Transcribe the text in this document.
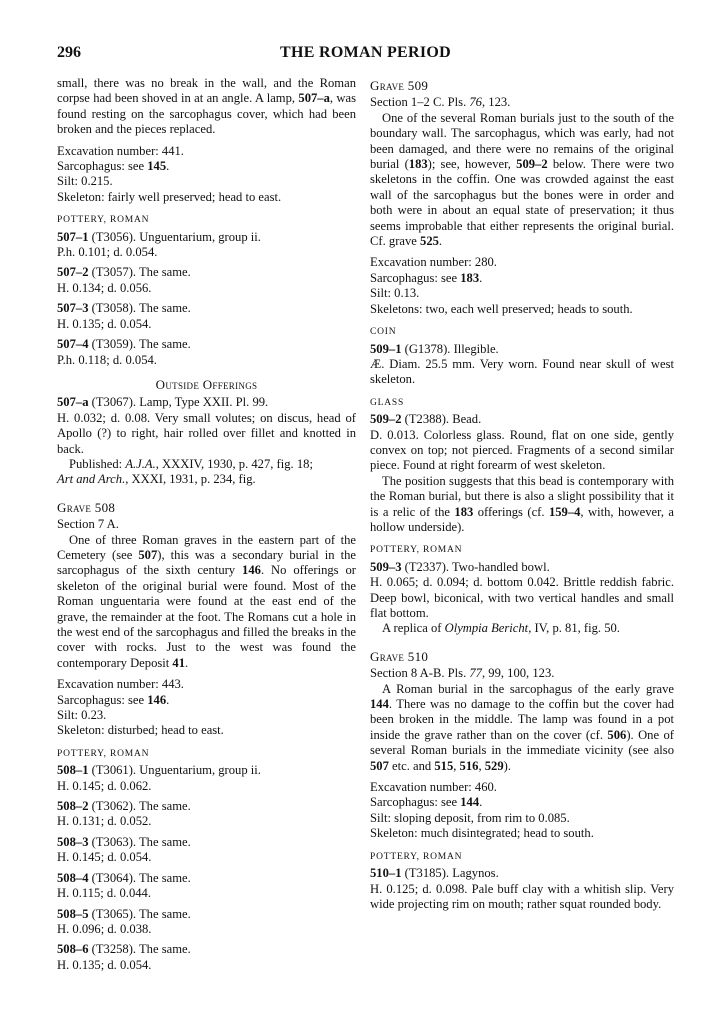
296	THE ROMAN PERIOD

small, there was no break in the wall, and the Roman corpse had been shoved in at an angle. A lamp, 507–a, was found resting on the sarcophagus cover, which had been broken and the pieces replaced.

Excavation number: 441.

Sarcophagus: see 145.

Silt: 0.215.

Skeleton: fairly well preserved; head to east.

POTTERY, ROMAN

507–1 (T3056). Unguentarium, group ii.

P.h. 0.101; d. 0.054.

507–2 (T3057). The same.

H. 0.134; d. 0.056.

507–3 (T3058). The same.

H. 0.135; d. 0.054.

507–4 (T3059). The same.

P.h. 0.118; d. 0.054.

Outside Offerings

507–a (T3067). Lamp, Type XXII. Pl. 99.

H. 0.032; d. 0.08. Very small volutes; on discus, head of Apollo (?) to right, hair rolled over fillet and knotted in back.

Published: A.J.A., XXXIV, 1930, p. 427, fig. 18;
Art and Arch., XXXI, 1931, p. 234, fig.

Grave 508

Section 7 A.

One of three Roman graves in the eastern part of the Cemetery (see 507), this was a secondary burial in the sarcophagus of the sixth century 146. No offerings or skeleton of the original burial were found. Most of the Roman unguentaria were found at the east end of the grave, the remainder at the foot. The Romans cut a hole in the west end of the sarcophagus and filled the breaks in the cover with rocks. Just to the west was found the contemporary Deposit 41.

Excavation number: 443.

Sarcophagus: see 146.

Silt: 0.23.

Skeleton: disturbed; head to east.

POTTERY, ROMAN

508–1 (T3061). Unguentarium, group ii.

H. 0.145; d. 0.062.

508–2 (T3062). The same.

H. 0.131; d. 0.052.

508–3 (T3063). The same.

H. 0.145; d. 0.054.

508–4 (T3064). The same.

H. 0.115; d. 0.044.

508–5 (T3065). The same.

H. 0.096; d. 0.038.

508–6 (T3258). The same.

H. 0.135; d. 0.054.

Grave 509

Section 1–2 C. Pls. 76, 123.

One of the several Roman burials just to the south of the boundary wall. The sarcophagus, which was early, had not been damaged, and there were no remains of the original burial (183); see, however, 509–2 below. There were two skeletons in the coffin. One was crowded against the east wall of the sarcophagus but the bones were in order and both were in about an equal state of preservation; it thus seems improbable that either represents the original burial. Cf. grave 525.

Excavation number: 280.

Sarcophagus: see 183.

Silt: 0.13.

Skeletons: two, each well preserved; heads to south.

COIN

509–1 (G1378). Illegible.

Æ. Diam. 25.5 mm. Very worn. Found near skull of west skeleton.

GLASS

509–2 (T2388). Bead.

D. 0.013. Colorless glass. Round, flat on one side, gently convex on top; not pierced. Fragments of a second similar piece. Found at right forearm of west skeleton.

The position suggests that this bead is contemporary with the Roman burial, but there is also a slight possibility that it is a relic of the 183 offerings (cf. 159–4, with, however, a hollow underside).

POTTERY, ROMAN

509–3 (T2337). Two-handled bowl.

H. 0.065; d. 0.094; d. bottom 0.042. Brittle reddish fabric. Deep bowl, biconical, with two vertical handles and small flat bottom.

A replica of Olympia Bericht, IV, p. 81, fig. 50.

Grave 510

Section 8 A-B. Pls. 77, 99, 100, 123.

A Roman burial in the sarcophagus of the early grave 144. There was no damage to the coffin but the cover had been broken in the middle. The lamp was found in a pot inside the grave rather than on the cover (cf. 506). One of several Roman burials in the immediate vicinity (see also 507 etc. and 515, 516, 529).

Excavation number: 460.

Sarcophagus: see 144.

Silt: sloping deposit, from rim to 0.085.

Skeleton: much disintegrated; head to south.

POTTERY, ROMAN

510–1 (T3185). Lagynos.

H. 0.125; d. 0.098. Pale buff clay with a whitish slip. Very wide projecting rim on mouth; rather squat rounded body.
